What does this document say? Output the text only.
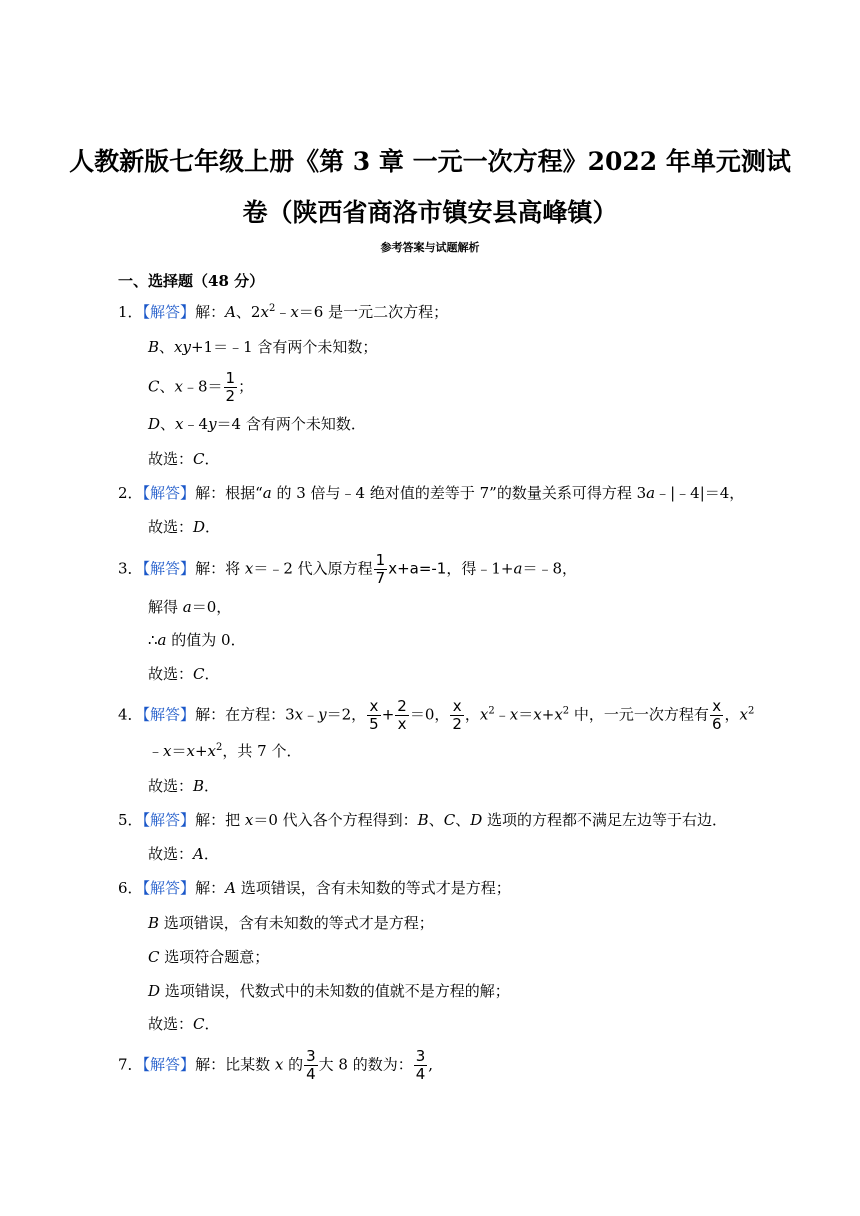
人教新版七年级上册《第 3 章 一元一次方程》2022 年单元测试
卷（陕西省商洛市镇安县高峰镇）
参考答案与试题解析
一、选择题（48 分）
1．【解答】解：A、$2x^2﹣x=6$ 是一元二次方程；
B、xy+1＝﹣1 含有两个未知数；
C、x﹣8＝ $\frac{1}{2}$ ；
D、x﹣4y＝4 含有两个未知数．
故选：C．
2．【解答】解：根据“a 的 3 倍与﹣4 绝对值的差等于 7”的数量关系可得方程 3a﹣|﹣4|＝4，
故选：D．
3．【解答】解：将 x＝﹣2 代入原方程 $\frac{1}{7} x+a=-1$，得﹣1+a＝﹣8，
解得 a＝0，
∴a 的值为 0．
故选：C．
4．【解答】解：在方程：3x﹣y＝2， $\frac{x}{5} + \frac{2}{x} =0$， $\frac{x}{2}$ ，$x^2﹣x=x+x^2$ 中，一元一次方程有 $\frac{x}{6}$ ，$x^2$
$﹣x=x+x^2$，共 7 个．
故选：B．
5．【解答】解：把 x＝0 代入各个方程得到：B、C、D 选项的方程都不满足左边等于右边．
故选：A．
6．【解答】解：A 选项错误，含有未知数的等式才是方程；
B 选项错误，含有未知数的等式才是方程；
C 选项符合题意；
D 选项错误，代数式中的未知数的值就不是方程的解；
故选：C．
7．【解答】解：比某数 x 的 $\frac{3}{4}$ 大 8 的数为： $\frac{3}{4}$ ,
